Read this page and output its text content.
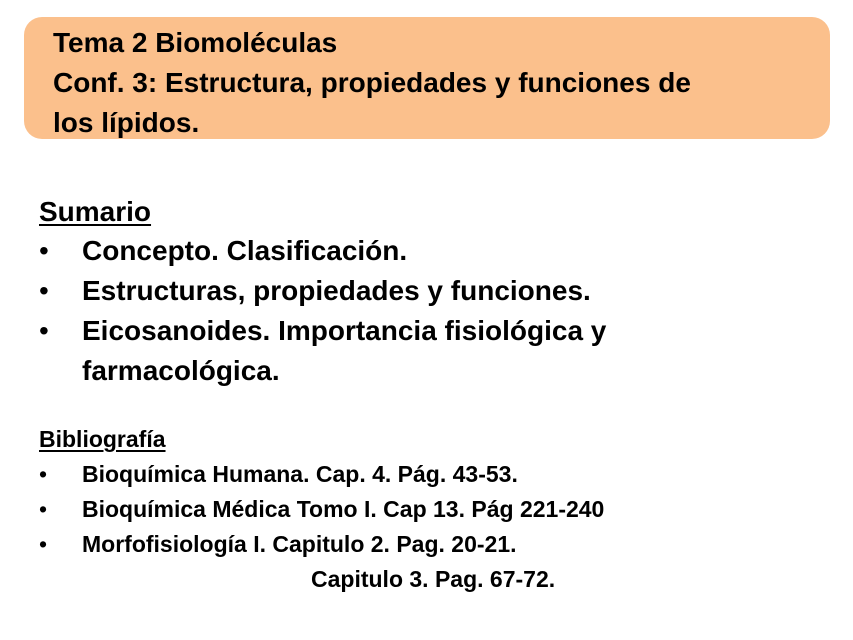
Tema 2 Biomoléculas
Conf. 3: Estructura, propiedades y funciones de
los lípidos.
Sumario
•	Concepto. Clasificación.
•	Estructuras, propiedades y funciones.
•	Eicosanoides. Importancia fisiológica y
farmacológica.
Bibliografía
•	Bioquímica Humana. Cap. 4. Pág. 43-53.
•	Bioquímica Médica Tomo I. Cap 13. Pág 221-240
•	Morfofisiología I. Capitulo 2. Pag. 20-21.
Capitulo 3. Pag. 67-72.
